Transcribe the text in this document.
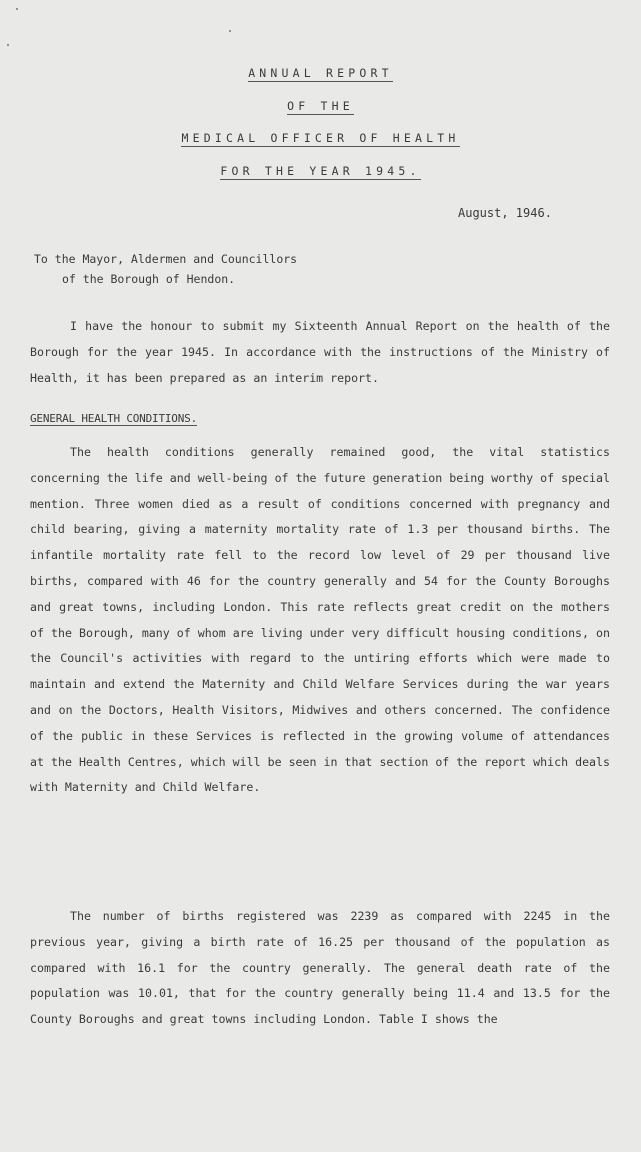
ANNUAL REPORT
OF THE
MEDICAL OFFICER OF HEALTH
FOR THE YEAR 1945.
August, 1946.
To the Mayor, Aldermen and Councillors
of the Borough of Hendon.
I have the honour to submit my Sixteenth Annual Report on the health of the Borough for the year 1945. In accordance with the instructions of the Ministry of Health, it has been prepared as an interim report.
GENERAL HEALTH CONDITIONS.
The health conditions generally remained good, the vital statistics concerning the life and well-being of the future generation being worthy of special mention. Three women died as a result of conditions concerned with pregnancy and child bearing, giving a maternity mortality rate of 1.3 per thousand births. The infantile mortality rate fell to the record low level of 29 per thousand live births, compared with 46 for the country generally and 54 for the County Boroughs and great towns, including London. This rate reflects great credit on the mothers of the Borough, many of whom are living under very difficult housing conditions, on the Council's activities with regard to the untiring efforts which were made to maintain and extend the Maternity and Child Welfare Services during the war years and on the Doctors, Health Visitors, Midwives and others concerned. The confidence of the public in these Services is reflected in the growing volume of attendances at the Health Centres, which will be seen in that section of the report which deals with Maternity and Child Welfare.
The number of births registered was 2239 as compared with 2245 in the previous year, giving a birth rate of 16.25 per thousand of the population as compared with 16.1 for the country generally. The general death rate of the population was 10.01, that for the country generally being 11.4 and 13.5 for the County Boroughs and great towns including London. Table I shows the
